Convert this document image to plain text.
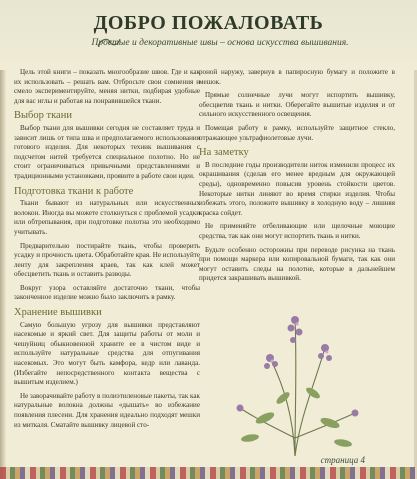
ДОБРО ПОЖАЛОВАТЬ
Простые и декоративные швы – основа искусства вышивания.

Цель этой книги – показать многообразие швов. Где и как их использовать – решать вам. Отбросьте свои сомнения и смело экспериментируйте, меняя нитки, подбирая удобные для вас иглы и работая на понравившейся ткани.

Выбор ткани

Выбор ткани для вышивки сегодня не составляет труда и зависит лишь от типа шва и предполагаемого использования готового изделия. Для некоторых техник вышивания с подсчетом нитей требуется специальное полотно. Но не стоит ограничиваться привычными представлениями и традиционными установками, проявите в работе свои идеи.

Подготовка ткани к работе

Ткани бывают из натуральных или искусственных волокон. Иногда вы можете столкнуться с проблемой усадки или обтрепывания, при подготовке полотна это необходимо учитывать.

Предварительно постирайте ткань, чтобы проверить усадку и прочность цвета. Обработайте края. Не используйте ленту для закрепления краев, так как клей может обесцветить ткань и оставить разводы.

Вокруг узора оставляйте достаточно ткани, чтобы законченное изделие можно было заключить в рамку.

Хранение вышивки

Самую большую угрозу для вышивки представляют насекомые и яркий свет. Для защиты работы от моли и чешуйниц обыкновенной храните ее в чистом виде и используйте натуральные средства для отпугивания насекомых. Это могут быть камфора, кедр или лаванда. (Избегайте непосредственного контакта вещества с вышитым изделием.)

Не заворачивайте работу в полиэтиленовые пакеты, так как натуральные волокна должны «дышать» во избежание появления плесени. Для хранения идеально подходят мешки из миткаля. Сматайте вышивку лицевой сто-

роной наружу, завернув в папиросную бумагу и положите в мешок.

Прямые солнечные лучи могут испортить вышивку, обесцветив ткань и нитки. Оберегайте вышитые изделия и от сильного искусственного освещения.

Помещая работу в рамку, используйте защитное стекло, отражающее ультрафиолетовые лучи.

На заметку

В последние годы производители ниток изменили процесс их окрашивания (сделав его менее вредным для окружающей среды), одновременно повысив уровень стойкости цветов. Некоторые нитки линяют во время стирки изделия. Чтобы избежать этого, положите вышивку в холодную воду – лишняя краска сойдет.

Не применяйте отбеливающие или щелочные моющие средства, так как они могут испортить ткань и нитки.

Будьте особенно осторожны при переводе рисунка на ткань при помощи маркера или копировальной бумаги, так как они могут оставить следы на полотне, которые в дальнейшем придется закрашивать вышивкой.

страница 4
